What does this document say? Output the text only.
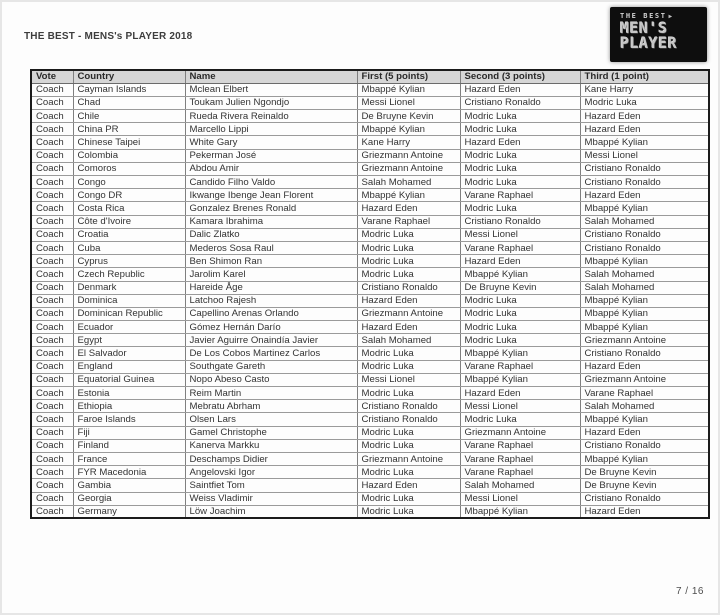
THE BEST - MENS's PLAYER 2018
THE BEST ▶
MEN'S
PLAYER
Vote	Country	Name	First (5 points)	Second (3 points)	Third (1 point)
Coach	Cayman Islands	Mclean Elbert	Mbappé Kylian	Hazard Eden	Kane Harry
Coach	Chad	Toukam Julien Ngondjo	Messi Lionel	Cristiano Ronaldo	Modric Luka
Coach	Chile	Rueda Rivera Reinaldo	De Bruyne Kevin	Modric Luka	Hazard Eden
Coach	China PR	Marcello Lippi	Mbappé Kylian	Modric Luka	Hazard Eden
Coach	Chinese Taipei	White Gary	Kane Harry	Hazard Eden	Mbappé Kylian
Coach	Colombia	Pekerman José	Griezmann Antoine	Modric Luka	Messi Lionel
Coach	Comoros	Abdou Amir	Griezmann Antoine	Modric Luka	Cristiano Ronaldo
Coach	Congo	Candido Filho Valdo	Salah Mohamed	Modric Luka	Cristiano Ronaldo
Coach	Congo DR	Ikwange Ibenge Jean Florent	Mbappé Kylian	Varane Raphael	Hazard Eden
Coach	Costa Rica	Gonzalez Brenes Ronald	Hazard Eden	Modric Luka	Mbappé Kylian
Coach	Côte d'Ivoire	Kamara Ibrahima	Varane Raphael	Cristiano Ronaldo	Salah Mohamed
Coach	Croatia	Dalic Zlatko	Modric Luka	Messi Lionel	Cristiano Ronaldo
Coach	Cuba	Mederos Sosa Raul	Modric Luka	Varane Raphael	Cristiano Ronaldo
Coach	Cyprus	Ben Shimon Ran	Modric Luka	Hazard Eden	Mbappé Kylian
Coach	Czech Republic	Jarolim Karel	Modric Luka	Mbappé Kylian	Salah Mohamed
Coach	Denmark	Hareide Åge	Cristiano Ronaldo	De Bruyne Kevin	Salah Mohamed
Coach	Dominica	Latchoo Rajesh	Hazard Eden	Modric Luka	Mbappé Kylian
Coach	Dominican Republic	Capellino Arenas Orlando	Griezmann Antoine	Modric Luka	Mbappé Kylian
Coach	Ecuador	Gómez Hernán Darío	Hazard Eden	Modric Luka	Mbappé Kylian
Coach	Egypt	Javier Aguirre Onaindía Javier	Salah Mohamed	Modric Luka	Griezmann Antoine
Coach	El Salvador	De Los Cobos Martinez Carlos	Modric Luka	Mbappé Kylian	Cristiano Ronaldo
Coach	England	Southgate Gareth	Modric Luka	Varane Raphael	Hazard Eden
Coach	Equatorial Guinea	Nopo Abeso Casto	Messi Lionel	Mbappé Kylian	Griezmann Antoine
Coach	Estonia	Reim Martin	Modric Luka	Hazard Eden	Varane Raphael
Coach	Ethiopia	Mebratu Abrham	Cristiano Ronaldo	Messi Lionel	Salah Mohamed
Coach	Faroe Islands	Olsen Lars	Cristiano Ronaldo	Modric Luka	Mbappé Kylian
Coach	Fiji	Gamel Christophe	Modric Luka	Griezmann Antoine	Hazard Eden
Coach	Finland	Kanerva Markku	Modric Luka	Varane Raphael	Cristiano Ronaldo
Coach	France	Deschamps Didier	Griezmann Antoine	Varane Raphael	Mbappé Kylian
Coach	FYR Macedonia	Angelovski Igor	Modric Luka	Varane Raphael	De Bruyne Kevin
Coach	Gambia	Saintfiet Tom	Hazard Eden	Salah Mohamed	De Bruyne Kevin
Coach	Georgia	Weiss Vladimir	Modric Luka	Messi Lionel	Cristiano Ronaldo
Coach	Germany	Löw Joachim	Modric Luka	Mbappé Kylian	Hazard Eden
7 / 16
